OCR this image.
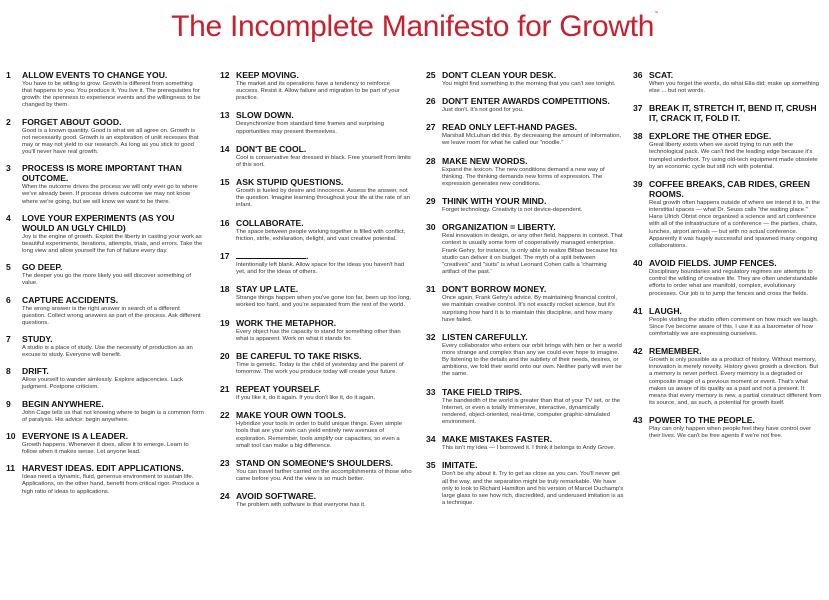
The Incomplete Manifesto for Growth™
1 ALLOW EVENTS TO CHANGE YOU.
You have to be willing to grow. Growth is different from something that happens to you. You produce it. You live it. The prerequisites for growth: the openness to experience events and the willingness to be changed by them.
2 FORGET ABOUT GOOD.
Good is a known quantity. Good is what we all agree on. Growth is not necessarily good. Growth is an exploration of unlit recesses that may or may not yield to our research. As long as you stick to good you'll never have real growth.
3 PROCESS IS MORE IMPORTANT THAN OUTCOME.
When the outcome drives the process we will only ever go to where we've already been. If process drives outcome we may not know where we're going, but we will know we want to be there.
4 LOVE YOUR EXPERIMENTS (AS YOU WOULD AN UGLY CHILD)
Joy is the engine of growth. Exploit the liberty in casting your work as beautiful experiments, iterations, attempts, trials, and errors. Take the long view and allow yourself the fun of failure every day.
5 GO DEEP.
The deeper you go the more likely you will discover something of value.
6 CAPTURE ACCIDENTS.
The wrong answer is the right answer in search of a different question. Collect wrong answers as part of the process. Ask different questions.
7 STUDY.
A studio is a place of study. Use the necessity of production as an excuse to study. Everyone will benefit.
8 DRIFT.
Allow yourself to wander aimlessly. Explore adjacencies. Lack judgment. Postpone criticism.
9 BEGIN ANYWHERE.
John Cage tells us that not knowing where to begin is a common form of paralysis. His advice: begin anywhere.
10 EVERYONE IS A LEADER.
Growth happens. Whenever it does, allow it to emerge. Learn to follow when it makes sense. Let anyone lead.
11 HARVEST IDEAS. EDIT APPLICATIONS.
Ideas need a dynamic, fluid, generous environment to sustain life. Applications, on the other hand, benefit from critical rigor. Produce a high ratio of ideas to applications.
12 KEEP MOVING.
The market and its operations have a tendency to reinforce success. Resist it. Allow failure and migration to be part of your practice.
13 SLOW DOWN.
Desynchronize from standard time frames and surprising opportunities may present themselves.
14 DON'T BE COOL.
Cool is conservative fear dressed in black. Free yourself from limits of this sort.
15 ASK STUPID QUESTIONS.
Growth is fueled by desire and innocence. Assess the answer, not the question. Imagine learning throughout your life at the rate of an infant.
16 COLLABORATE.
The space between people working together is filled with conflict, friction, strife, exhilaration, delight, and vast creative potential.
17	.
Intentionally left blank. Allow space for the ideas you haven't had yet, and for the ideas of others.
18 STAY UP LATE.
Strange things happen when you've gone too far, been up too long, worked too hard, and you're separated from the rest of the world.
19 WORK THE METAPHOR.
Every object has the capacity to stand for something other than what is apparent. Work on what it stands for.
20 BE CAREFUL TO TAKE RISKS.
Time is genetic. Today is the child of yesterday and the parent of tomorrow. The work you produce today will create your future.
21 REPEAT YOURSELF.
If you like it, do it again. If you don't like it, do it again.
22 MAKE YOUR OWN TOOLS.
Hybridize your tools in order to build unique things. Even simple tools that are your own can yield entirely new avenues of exploration. Remember, tools amplify our capacities, so even a small tool can make a big difference.
23 STAND ON SOMEONE'S SHOULDERS.
You can travel farther carried on the accomplishments of those who came before you. And the view is so much better.
24 AVOID SOFTWARE.
The problem with software is that everyone has it.
25 DON'T CLEAN YOUR DESK.
You might find something in the morning that you can't see tonight.
26 DON'T ENTER AWARDS COMPETITIONS.
Just don't. It's not good for you.
27 READ ONLY LEFT-HAND PAGES.
Marshall McLuhan did this. By decreasing the amount of information, we leave room for what he called our "noodle."
28 MAKE NEW WORDS.
Expand the lexicon. The new conditions demand a new way of thinking. The thinking demands new forms of expression. The expression generates new conditions.
29 THINK WITH YOUR MIND.
Forget technology. Creativity is not device-dependent.
30 ORGANIZATION = LIBERTY.
Real innovation in design, or any other field, happens in context. That context is usually some form of cooperatively managed enterprise. Frank Gehry, for instance, is only able to realize Bilbao because his studio can deliver it on budget. The myth of a split between "creatives" and "suits" is what Leonard Cohen calls a 'charming artifact of the past.'
31 DON'T BORROW MONEY.
Once again, Frank Gehry's advice. By maintaining financial control, we maintain creative control. It's not exactly rocket science, but it's surprising how hard it is to maintain this discipline, and how many have failed.
32 LISTEN CAREFULLY.
Every collaborator who enters our orbit brings with him or her a world more strange and complex than any we could ever hope to imagine. By listening to the details and the subtlety of their needs, desires, or ambitions, we fold their world onto our own. Neither party will ever be the same.
33 TAKE FIELD TRIPS.
The bandwidth of the world is greater than that of your TV set, or the Internet, or even a totally immersive, interactive, dynamically rendered, object-oriented, real-time, computer graphic-simulated environment.
34 MAKE MISTAKES FASTER.
This isn't my idea — I borrowed it. I think it belongs to Andy Grove.
35 IMITATE.
Don't be shy about it. Try to get as close as you can. You'll never get all the way, and the separation might be truly remarkable. We have only to look to Richard Hamilton and his version of Marcel Duchamp's large glass to see how rich, discredited, and underused imitation is as a technique.
36 SCAT.
When you forget the words, do what Ella did: make up something else ... but not words.
37 BREAK IT, STRETCH IT, BEND IT, CRUSH IT, CRACK IT, FOLD IT.
38 EXPLORE THE OTHER EDGE.
Great liberty exists when we avoid trying to run with the technological pack. We can't find the leading edge because it's trampled underfoot. Try using old-tech equipment made obsolete by an economic cycle but still rich with potential.
39 COFFEE BREAKS, CAB RIDES, GREEN ROOMS.
Real growth often happens outside of where we intend it to, in the interstitial spaces — what Dr. Seuss calls "the waiting place." Hans Ulrich Obrist once organized a science and art conference with all of the infrastructure of a conference — the parties, chats, lunches, airport arrivals — but with no actual conference. Apparently it was hugely successful and spawned many ongoing collaborations.
40 AVOID FIELDS. JUMP FENCES.
Disciplinary boundaries and regulatory regimes are attempts to control the wilding of creative life. They are often understandable efforts to order what are manifold, complex, evolutionary processes. Our job is to jump the fences and cross the fields.
41 LAUGH.
People visiting the studio often comment on how much we laugh. Since I've become aware of this, I use it as a barometer of how comfortably we are expressing ourselves.
42 REMEMBER.
Growth is only possible as a product of history. Without memory, innovation is merely novelty. History gives growth a direction. But a memory is never perfect. Every memory is a degraded or composite image of a previous moment or event. That's what makes us aware of its quality as a past and not a present. It means that every memory is new, a partial construct different from its source, and, as such, a potential for growth itself.
43 POWER TO THE PEOPLE.
Play can only happen when people feel they have control over their lives. We can't be free agents if we're not free.
